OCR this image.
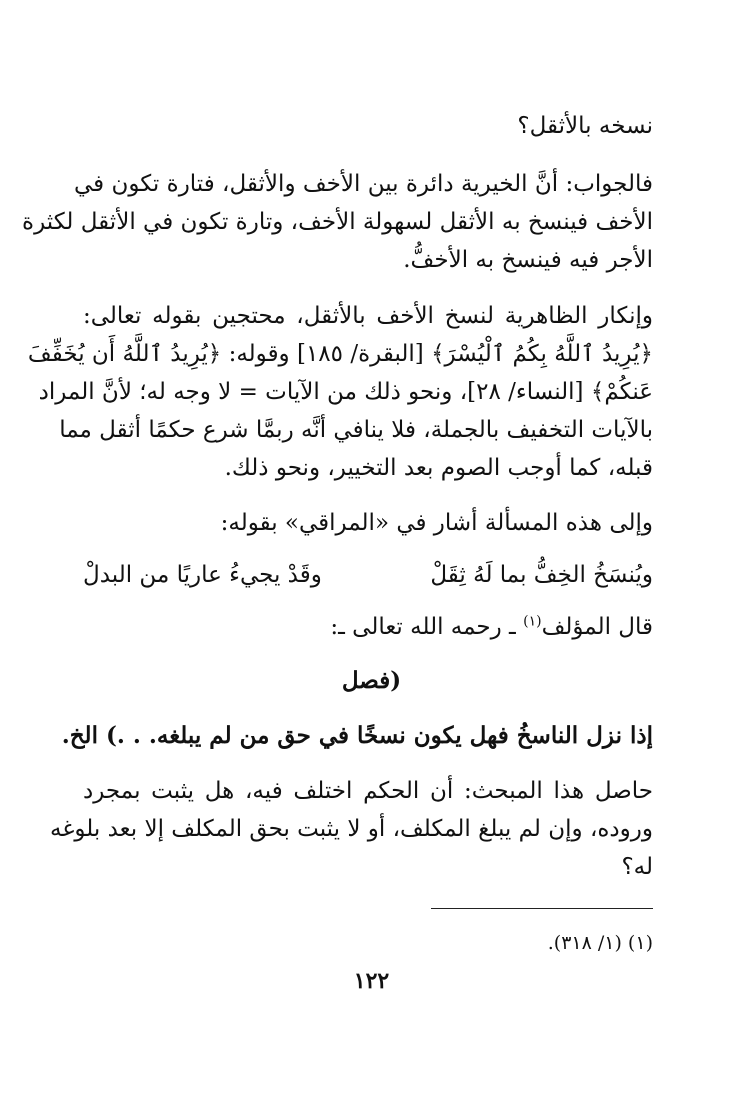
نسخه بالأثقل؟
فالجواب: أنَّ الخيرية دائرة بين الأخف والأثقل، فتارة تكون في
الأخف فينسخ به الأثقل لسهولة الأخف، وتارة تكون في الأثقل لكثرة
الأجر فيه فينسخ به الأخفُّ.
وإنكار الظاهرية لنسخ الأخف بالأثقل، محتجين بقوله تعالى:
﴿يُرِيدُ ٱللَّهُ بِكُمُ ٱلْيُسْرَ﴾ [البقرة/ ١٨٥] وقوله: ﴿يُرِيدُ ٱللَّهُ أَن يُخَفِّفَ
عَنكُمْ﴾ [النساء/ ٢٨]، ونحو ذلك من الآيات = لا وجه له؛ لأنَّ المراد
بالآيات التخفيف بالجملة، فلا ينافي أنَّه ربمَّا شرع حكمًا أثقل مما
قبله، كما أوجب الصوم بعد التخيير، ونحو ذلك.
وإلى هذه المسألة أشار في «المراقي» بقوله:
ويُنسَخُ الخِفُّ بما لَهُ ثِقَلْ
وقَدْ يجيءُ عاريًا من البدلْ
قال المؤلف$^{(١)}$ ـ رحمه الله تعالى ـ:
(فصل
إذا نزل الناسخُ فهل يكون نسخًا في حق من لم يبلغه. . .) الخ.
حاصل هذا المبحث: أن الحكم اختلف فيه، هل يثبت بمجرد
وروده، وإن لم يبلغ المكلف، أو لا يثبت بحق المكلف إلا بعد بلوغه
له؟
(١) (١/ ٣١٨).
١٢٢
